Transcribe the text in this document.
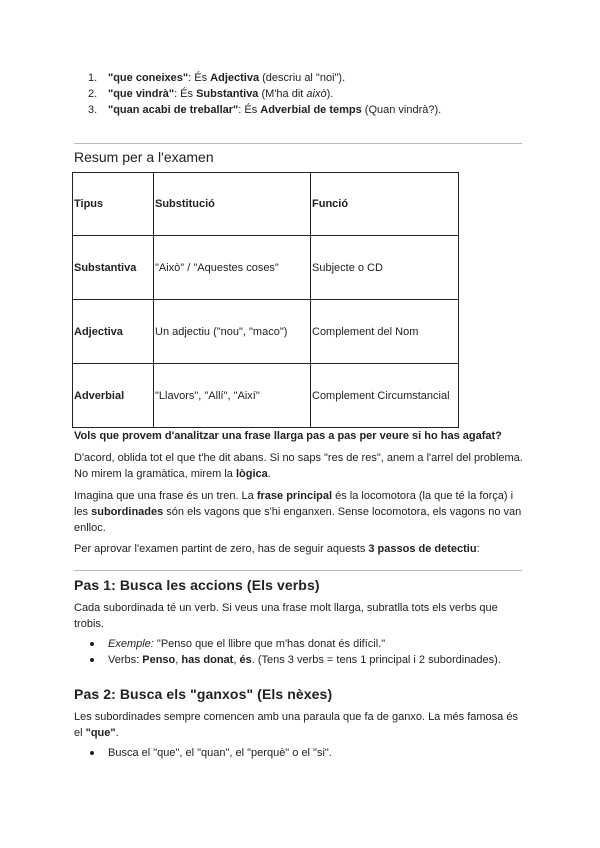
1. "que coneixes": És Adjectiva (descriu al "noi").
2. "que vindrà": És Substantiva (M'ha dit això).
3. "quan acabi de treballar": És Adverbial de temps (Quan vindrà?).
Resum per a l'examen
Tipus	Substitució	Funció
Substantiva	"Això" / "Aquestes coses"	Subjecte o CD
Adjectiva	Un adjectiu ("nou", "maco")	Complement del Nom
Adverbial	"Llavors", "Allí", "Així"	Complement Circumstancial

Vols que provem d'analitzar una frase llarga pas a pas per veure si ho has agafat?

D'acord, oblida tot el que t'he dit abans. Si no saps "res de res", anem a l'arrel del problema. No mirem la gramàtica, mirem la lògica.

Imagina que una frase és un tren. La frase principal és la locomotora (la que té la força) i les subordinades són els vagons que s'hi enganxen. Sense locomotora, els vagons no van enlloc.

Per aprovar l'examen partint de zero, has de seguir aquests 3 passos de detectiu:

Pas 1: Busca les accions (Els verbs)

Cada subordinada té un verb. Si veus una frase molt llarga, subratlla tots els verbs que trobis.

Exemple: "Penso que el llibre que m'has donat és difícil."
Verbs: Penso, has donat, és. (Tens 3 verbs = tens 1 principal i 2 subordinades).
Pas 2: Busca els "ganxos" (Els nèxes)

Les subordinades sempre comencen amb una paraula que fa de ganxo. La més famosa és el "que".

Busca el "que", el "quan", el "perquè" o el "si".
